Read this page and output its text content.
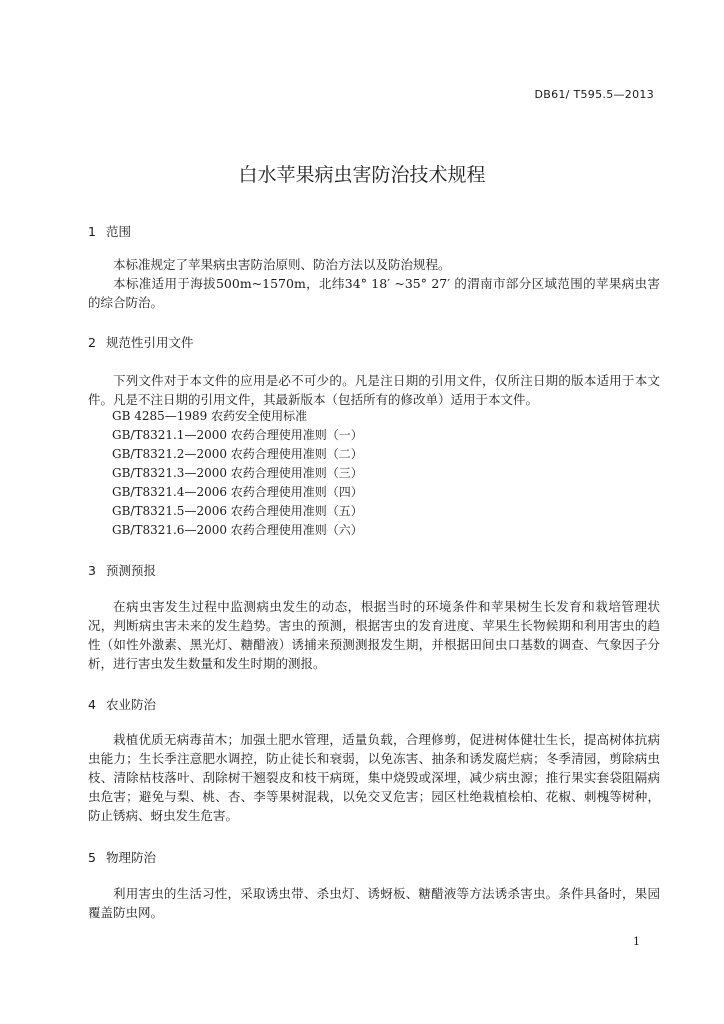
DB61/ T595.5—2013
白水苹果病虫害防治技术规程
1 范围

本标准规定了苹果病虫害防治原则、防治方法以及防治规程。

本标准适用于海拔500m~1570m，北纬34° 18′ ~35° 27′ 的渭南市部分区域范围的苹果病虫害的综合防治。

2 规范性引用文件

下列文件对于本文件的应用是必不可少的。凡是注日期的引用文件，仅所注日期的版本适用于本文件。凡是不注日期的引用文件，其最新版本（包括所有的修改单）适用于本文件。

GB 4285—1989 农药安全使用标准
GB/T8321.1—2000 农药合理使用准则（一）
GB/T8321.2—2000 农药合理使用准则（二）
GB/T8321.3—2000 农药合理使用准则（三）
GB/T8321.4—2006 农药合理使用准则（四）
GB/T8321.5—2006 农药合理使用准则（五）
GB/T8321.6—2000 农药合理使用准则（六）
3 预测预报

在病虫害发生过程中监测病虫发生的动态，根据当时的环境条件和苹果树生长发育和栽培管理状况，判断病虫害未来的发生趋势。害虫的预测，根据害虫的发育进度、苹果生长物候期和利用害虫的趋性（如性外激素、黑光灯、糖醋液）诱捕来预测测报发生期，并根据田间虫口基数的调查、气象因子分析，进行害虫发生数量和发生时期的测报。

4 农业防治

栽植优质无病毒苗木；加强土肥水管理，适量负载，合理修剪，促进树体健壮生长，提高树体抗病虫能力；生长季注意肥水调控，防止徒长和衰弱，以免冻害、抽条和诱发腐烂病；冬季清园，剪除病虫枝、清除枯枝落叶、刮除树干翘裂皮和枝干病斑，集中烧毁或深埋，减少病虫源；推行果实套袋阻隔病虫危害；避免与梨、桃、杏、李等果树混栽，以免交叉危害；园区杜绝栽植桧柏、花椒、刺槐等树种，防止锈病、蚜虫发生危害。

5 物理防治

利用害虫的生活习性，采取诱虫带、杀虫灯、诱蚜板、糖醋液等方法诱杀害虫。条件具备时，果园覆盖防虫网。

1
